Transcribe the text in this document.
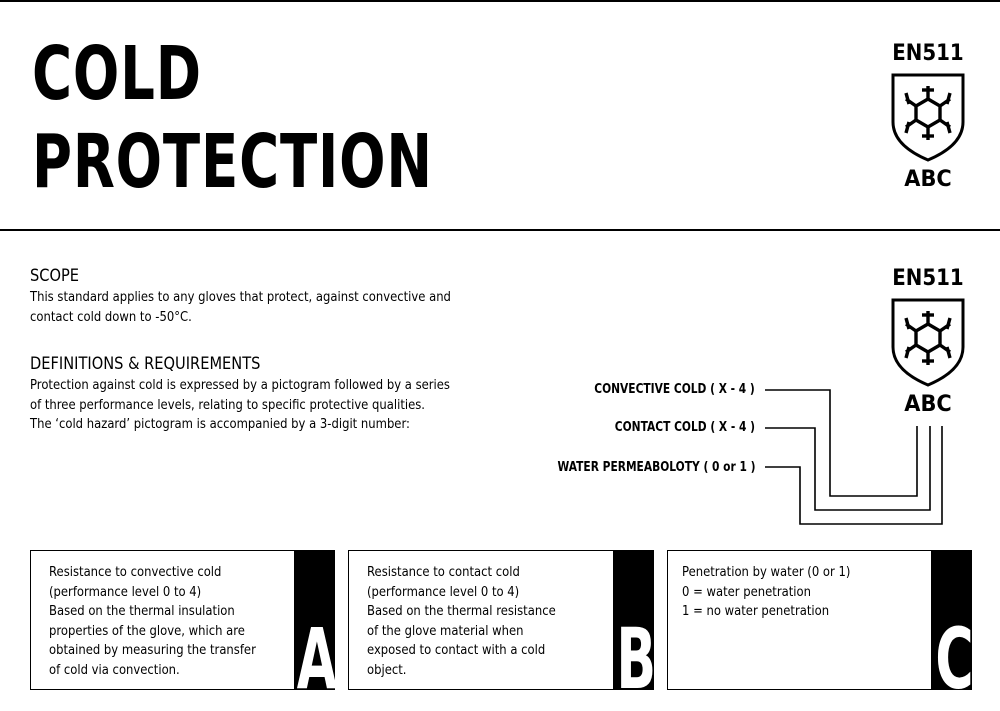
COLD
PROTECTION
EN511
ABC
SCOPE
This standard applies to any gloves that protect, against convective and
contact cold down to -50°C.
DEFINITIONS & REQUIREMENTS
Protection against cold is expressed by a pictogram followed by a series
of three performance levels, relating to specific protective qualities.
The ‘cold hazard’ pictogram is accompanied by a 3-digit number:
EN511
ABC
CONVECTIVE COLD ( X - 4 )
CONTACT COLD ( X - 4 )
WATER PERMEABOLOTY ( 0 or 1 )
Resistance to convective cold
(performance level 0 to 4)
Based on the thermal insulation
properties of the glove, which are
obtained by measuring the transfer
of cold via convection.	A
Resistance to contact cold
(performance level 0 to 4)
Based on the thermal resistance
of the glove material when
exposed to contact with a cold
object.	B
Penetration by water (0 or 1)
0 = water penetration
1 = no water penetration C
